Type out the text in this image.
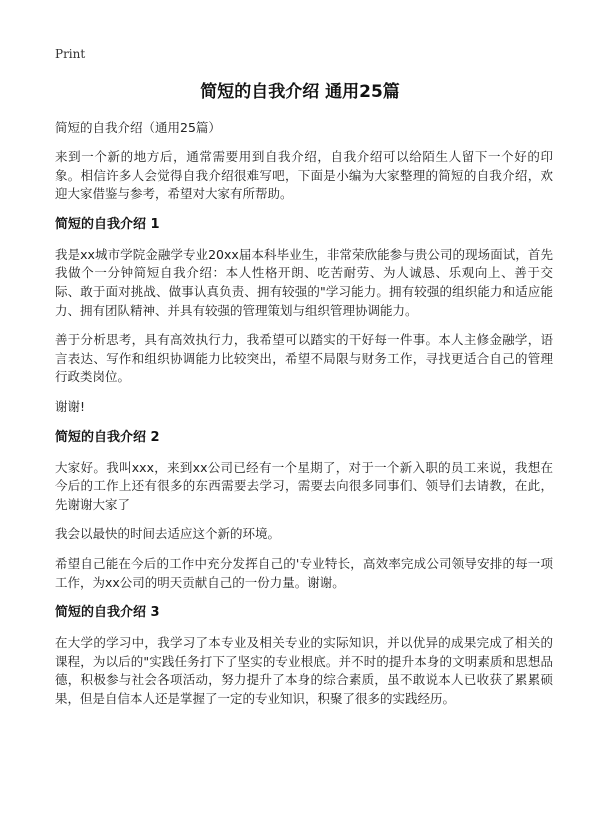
Print
简短的自我介绍 通用25篇
简短的自我介绍（通用25篇）

来到一个新的地方后，通常需要用到自我介绍，自我介绍可以给陌生人留下一个好的印象。相信许多人会觉得自我介绍很难写吧，下面是小编为大家整理的简短的自我介绍，欢迎大家借鉴与参考，希望对大家有所帮助。

简短的自我介绍 1

我是xx城市学院金融学专业20xx届本科毕业生，非常荣欣能参与贵公司的现场面试，首先我做个一分钟简短自我介绍：本人性格开朗、吃苦耐劳、为人诚恳、乐观向上、善于交际、敢于面对挑战、做事认真负责、拥有较强的"学习能力。拥有较强的组织能力和适应能力、拥有团队精神、并具有较强的管理策划与组织管理协调能力。

善于分析思考，具有高效执行力，我希望可以踏实的干好每一件事。本人主修金融学，语言表达、写作和组织协调能力比较突出，希望不局限与财务工作，寻找更适合自己的管理行政类岗位。

谢谢!

简短的自我介绍 2

大家好。我叫xxx，来到xx公司已经有一个星期了，对于一个新入职的员工来说，我想在今后的工作上还有很多的东西需要去学习，需要去向很多同事们、领导们去请教，在此，先谢谢大家了

我会以最快的时间去适应这个新的环境。

希望自己能在今后的工作中充分发挥自己的'专业特长，高效率完成公司领导安排的每一项工作，为xx公司的明天贡献自己的一份力量。谢谢。

简短的自我介绍 3

在大学的学习中，我学习了本专业及相关专业的实际知识，并以优异的成果完成了相关的课程，为以后的"实践任务打下了坚实的专业根底。并不时的提升本身的文明素质和思想品德，积极参与社会各项活动，努力提升了本身的综合素质，虽不敢说本人已收获了累累硕果，但是自信本人还是掌握了一定的专业知识，积聚了很多的实践经历。
